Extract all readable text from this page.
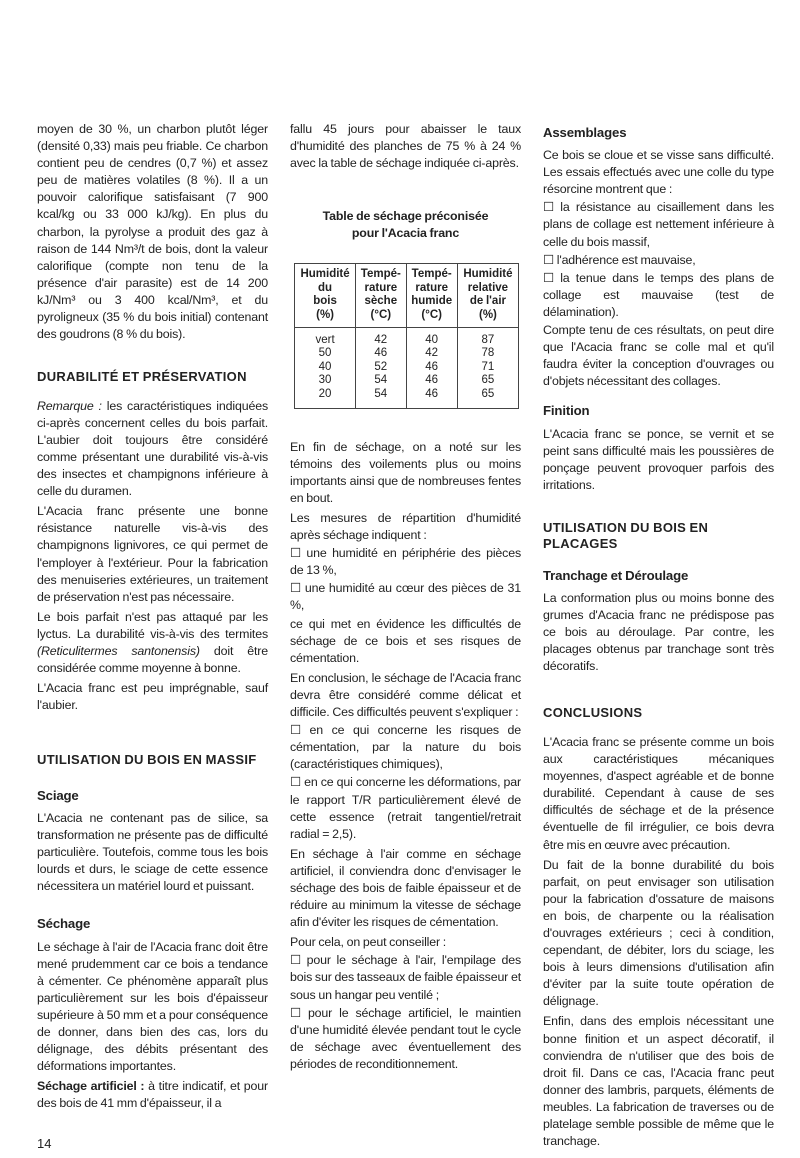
moyen de 30 %, un charbon plutôt léger (densité 0,33) mais peu friable. Ce charbon contient peu de cendres (0,7 %) et assez peu de matières volatiles (8 %). Il a un pouvoir calorifique satisfaisant (7 900 kcal/kg ou 33 000 kJ/kg). En plus du charbon, la pyrolyse a produit des gaz à raison de 144 Nm³/t de bois, dont la valeur calorifique (compte non tenu de la présence d'air parasite) est de 14 200 kJ/Nm³ ou 3 400 kcal/Nm³, et du pyroligneux (35 % du bois initial) contenant des goudrons (8 % du bois).
DURABILITÉ ET PRÉSERVATION
Remarque : les caractéristiques indiquées ci-après concernent celles du bois parfait. L'aubier doit toujours être considéré comme présentant une durabilité vis-à-vis des insectes et champignons inférieure à celle du duramen.
L'Acacia franc présente une bonne résistance naturelle vis-à-vis des champignons lignivores, ce qui permet de l'employer à l'extérieur. Pour la fabrication des menuiseries extérieures, un traitement de préservation n'est pas nécessaire.
Le bois parfait n'est pas attaqué par les lyctus. La durabilité vis-à-vis des termites (Reticulitermes santonensis) doit être considérée comme moyenne à bonne.
L'Acacia franc est peu imprégnable, sauf l'aubier.
UTILISATION DU BOIS EN MASSIF
Sciage
L'Acacia ne contenant pas de silice, sa transformation ne présente pas de difficulté particulière. Toutefois, comme tous les bois lourds et durs, le sciage de cette essence nécessitera un matériel lourd et puissant.
Séchage
Le séchage à l'air de l'Acacia franc doit être mené prudemment car ce bois a tendance à cémenter. Ce phénomène apparaît plus particulièrement sur les bois d'épaisseur supérieure à 50 mm et a pour conséquence de donner, dans bien des cas, lors du délignage, des débits présentant des déformations importantes.
Séchage artificiel : à titre indicatif, et pour des bois de 41 mm d'épaisseur, il a
14
fallu 45 jours pour abaisser le taux d'humidité des planches de 75 % à 24 % avec la table de séchage indiquée ci-après.
Table de séchage préconisée
pour l'Acacia franc
Humidité
du
bois
(%)	Tempé-
rature
sèche
(°C)	Tempé-
rature
humide
(°C)	Humidité
relative
de l'air
(%)
vert	42	40	87
50	46	42	78
40	52	46	71
30	54	46	65
20	54	46	65
En fin de séchage, on a noté sur les témoins des voilements plus ou moins importants ainsi que de nombreuses fentes en bout.
Les mesures de répartition d'humidité après séchage indiquent :
☐ une humidité en périphérie des pièces de 13 %,
☐ une humidité au cœur des pièces de 31 %,
ce qui met en évidence les difficultés de séchage de ce bois et ses risques de cémentation.
En conclusion, le séchage de l'Acacia franc devra être considéré comme délicat et difficile. Ces difficultés peuvent s'expliquer :
☐ en ce qui concerne les risques de cémentation, par la nature du bois (caractéristiques chimiques),
☐ en ce qui concerne les déformations, par le rapport T/R particulièrement élevé de cette essence (retrait tangentiel/retrait radial = 2,5).
En séchage à l'air comme en séchage artificiel, il conviendra donc d'envisager le séchage des bois de faible épaisseur et de réduire au minimum la vitesse de séchage afin d'éviter les risques de cémentation.
Pour cela, on peut conseiller :
☐ pour le séchage à l'air, l'empilage des bois sur des tasseaux de faible épaisseur et sous un hangar peu ventilé ;
☐ pour le séchage artificiel, le maintien d'une humidité élevée pendant tout le cycle de séchage avec éventuellement des périodes de reconditionnement.
Assemblages
Ce bois se cloue et se visse sans difficulté. Les essais effectués avec une colle du type résorcine montrent que :
☐ la résistance au cisaillement dans les plans de collage est nettement inférieure à celle du bois massif,
☐ l'adhérence est mauvaise,
☐ la tenue dans le temps des plans de collage est mauvaise (test de délamination).
Compte tenu de ces résultats, on peut dire que l'Acacia franc se colle mal et qu'il faudra éviter la conception d'ouvrages ou d'objets nécessitant des collages.
Finition
L'Acacia franc se ponce, se vernit et se peint sans difficulté mais les poussières de ponçage peuvent provoquer parfois des irritations.
UTILISATION DU BOIS EN PLACAGES
Tranchage et Déroulage
La conformation plus ou moins bonne des grumes d'Acacia franc ne prédispose pas ce bois au déroulage. Par contre, les placages obtenus par tranchage sont très décoratifs.
CONCLUSIONS
L'Acacia franc se présente comme un bois aux caractéristiques mécaniques moyennes, d'aspect agréable et de bonne durabilité. Cependant à cause de ses difficultés de séchage et de la présence éventuelle de fil irrégulier, ce bois devra être mis en œuvre avec précaution.
Du fait de la bonne durabilité du bois parfait, on peut envisager son utilisation pour la fabrication d'ossature de maisons en bois, de charpente ou la réalisation d'ouvrages extérieurs ; ceci à condition, cependant, de débiter, lors du sciage, les bois à leurs dimensions d'utilisation afin d'éviter par la suite toute opération de délignage.
Enfin, dans des emplois nécessitant une bonne finition et un aspect décoratif, il conviendra de n'utiliser que des bois de droit fil. Dans ce cas, l'Acacia franc peut donner des lambris, parquets, éléments de meubles. La fabrication de traverses ou de platelage semble possible de même que le tranchage.
